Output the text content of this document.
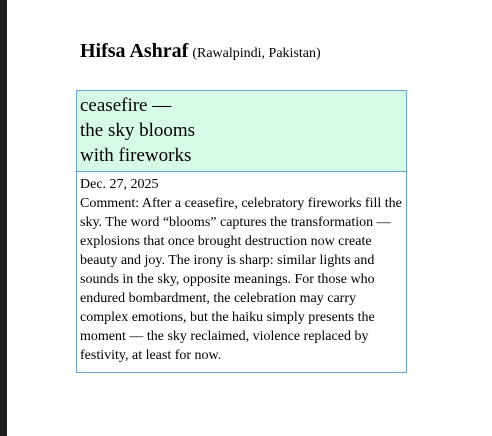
Hifsa Ashraf (Rawalpindi, Pakistan)
ceasefire —
the sky blooms
with fireworks
Dec. 27, 2025
Comment: After a ceasefire, celebratory fireworks fill the sky. The word “blooms” captures the transformation — explosions that once brought destruction now create beauty and joy. The irony is sharp: similar lights and sounds in the sky, opposite meanings. For those who endured bombardment, the celebration may carry complex emotions, but the haiku simply presents the moment — the sky reclaimed, violence replaced by festivity, at least for now.
